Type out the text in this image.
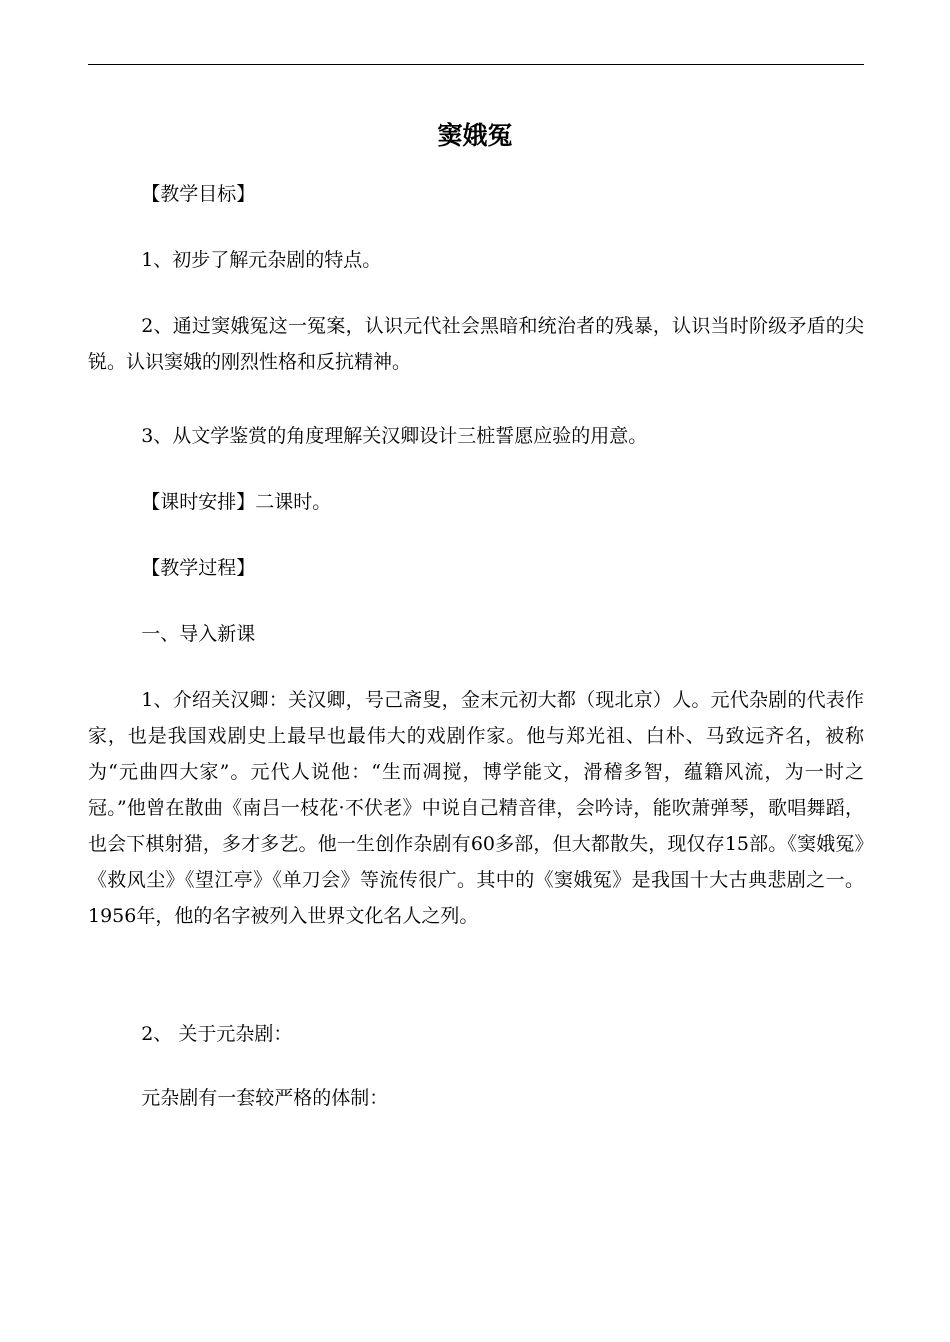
窦娥冤

【教学目标】

1、初步了解元杂剧的特点。

2、通过窦娥冤这一冤案，认识元代社会黑暗和统治者的残暴，认识当时阶级矛盾的尖锐。认识窦娥的刚烈性格和反抗精神。

3、从文学鉴赏的角度理解关汉卿设计三桩誓愿应验的用意。

【课时安排】二课时。

【教学过程】

一、导入新课

1、介绍关汉卿：关汉卿，号己斋叟，金末元初大都（现北京）人。元代杂剧的代表作家，也是我国戏剧史上最早也最伟大的戏剧作家。他与郑光祖、白朴、马致远齐名，被称为“元曲四大家”。元代人说他：“生而凋搅，博学能文，滑稽多智，蕴籍风流，为一时之冠。”他曾在散曲《南吕一枝花·不伏老》中说自己精音律，会吟诗，能吹萧弹琴，歌唱舞蹈，也会下棋射猎，多才多艺。他一生创作杂剧有60多部，但大都散失，现仅存15部。《窦娥冤》《救风尘》《望江亭》《单刀会》等流传很广。其中的《窦娥冤》是我国十大古典悲剧之一。1956年，他的名字被列入世界文化名人之列。

2、 关于元杂剧：

元杂剧有一套较严格的体制：
